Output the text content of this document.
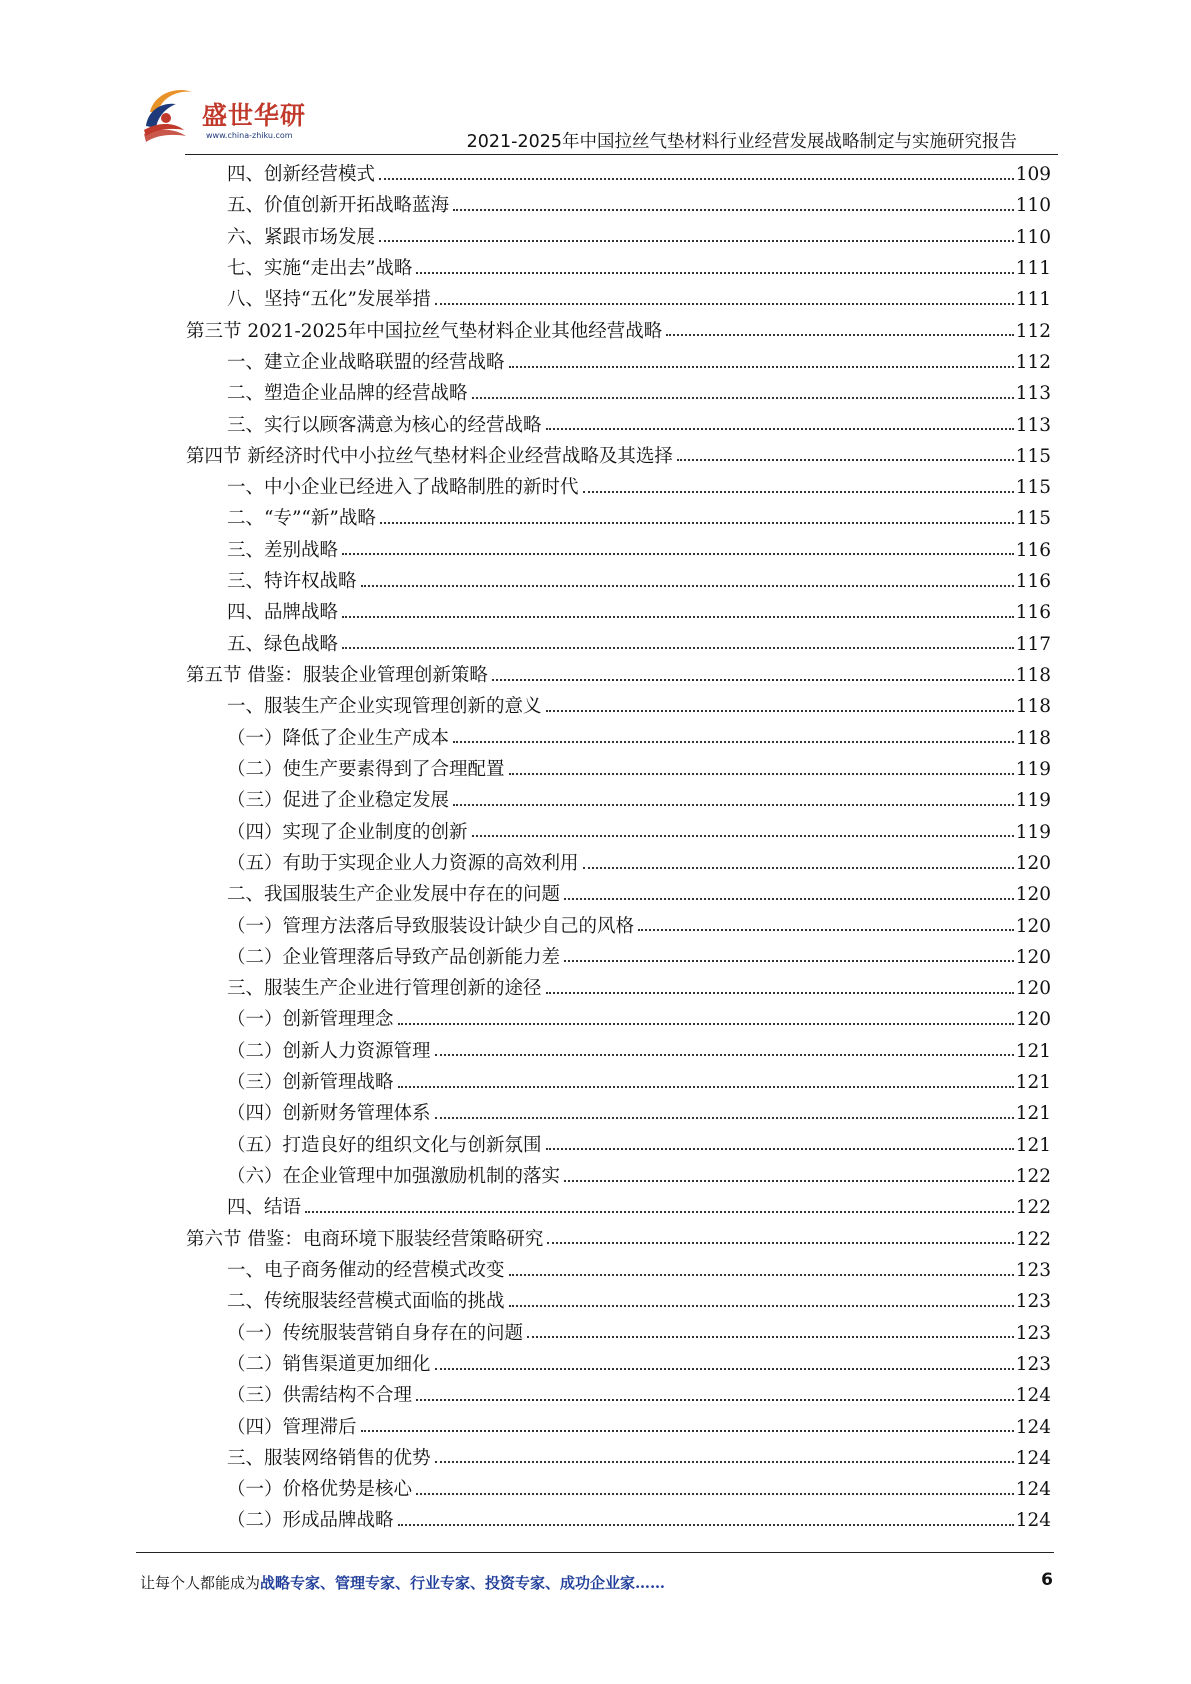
盛世华研
www.china-zhiku.com	2021-2025年中国拉丝气垫材料行业经营发展战略制定与实施研究报告
四、创新经营模式	109
五、价值创新开拓战略蓝海	110
六、紧跟市场发展	110
七、实施“走出去”战略	111
八、坚持“五化”发展举措	111
第三节 2021-2025年中国拉丝气垫材料企业其他经营战略	112
一、建立企业战略联盟的经营战略	112
二、塑造企业品牌的经营战略	113
三、实行以顾客满意为核心的经营战略	113
第四节 新经济时代中小拉丝气垫材料企业经营战略及其选择	115
一、中小企业已经进入了战略制胜的新时代	115
二、“专”“新”战略	115
三、差别战略	116
三、特许权战略	116
四、品牌战略	116
五、绿色战略	117
第五节 借鉴：服装企业管理创新策略	118
一、服装生产企业实现管理创新的意义	118
（一）降低了企业生产成本	118
（二）使生产要素得到了合理配置	119
（三）促进了企业稳定发展	119
（四）实现了企业制度的创新	119
（五）有助于实现企业人力资源的高效利用	120
二、我国服装生产企业发展中存在的问题	120
（一）管理方法落后导致服装设计缺少自己的风格	120
（二）企业管理落后导致产品创新能力差	120
三、服装生产企业进行管理创新的途径	120
（一）创新管理理念	120
（二）创新人力资源管理	121
（三）创新管理战略	121
（四）创新财务管理体系	121
（五）打造良好的组织文化与创新氛围	121
（六）在企业管理中加强激励机制的落实	122
四、结语	122
第六节 借鉴：电商环境下服装经营策略研究	122
一、电子商务催动的经营模式改变	123
二、传统服装经营模式面临的挑战	123
（一）传统服装营销自身存在的问题	123
（二）销售渠道更加细化	123
（三）供需结构不合理	124
（四）管理滞后	124
三、服装网络销售的优势	124
（一）价格优势是核心	124
（二）形成品牌战略	124
让每个人都能成为战略专家、管理专家、行业专家、投资专家、成功企业家……	6
